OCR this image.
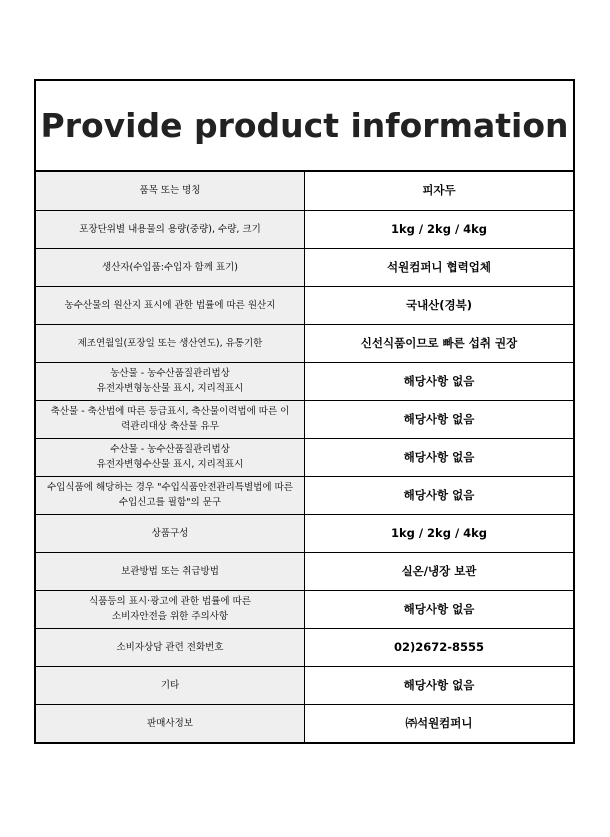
Provide product information
품목 또는 명칭	피자두
포장단위별 내용물의 용량(중량), 수량, 크기	1kg / 2kg / 4kg
생산자(수입품:수입자 함께 표기)	석원컴퍼니 협력업체
농수산물의 원산지 표시에 관한 법률에 따른 원산지	국내산(경북)
제조연월일(포장일 또는 생산연도), 유통기한	신선식품이므로 빠른 섭취 권장
농산물 - 농수산품질관리법상
유전자변형농산물 표시, 지리적표시	해당사항 없음
축산물 - 축산법에 따른 등급표시, 축산물이력법에 따른 이
력관리대상 축산물 유무	해당사항 없음
수산물 - 농수산품질관리법상
유전자변형수산물 표시, 지리적표시	해당사항 없음
수입식품에 해당하는 경우 "수입식품안전관리특별법에 따른
수입신고를 필함"의 문구	해당사항 없음
상품구성	1kg / 2kg / 4kg
보관방법 또는 취급방법	실온/냉장 보관
식품등의 표시·광고에 관한 법률에 따른
소비자안전을 위한 주의사항	해당사항 없음
소비자상담 관련 전화번호	02)2672-8555
기타	해당사항 없음
판매사정보	㈜석원컴퍼니
